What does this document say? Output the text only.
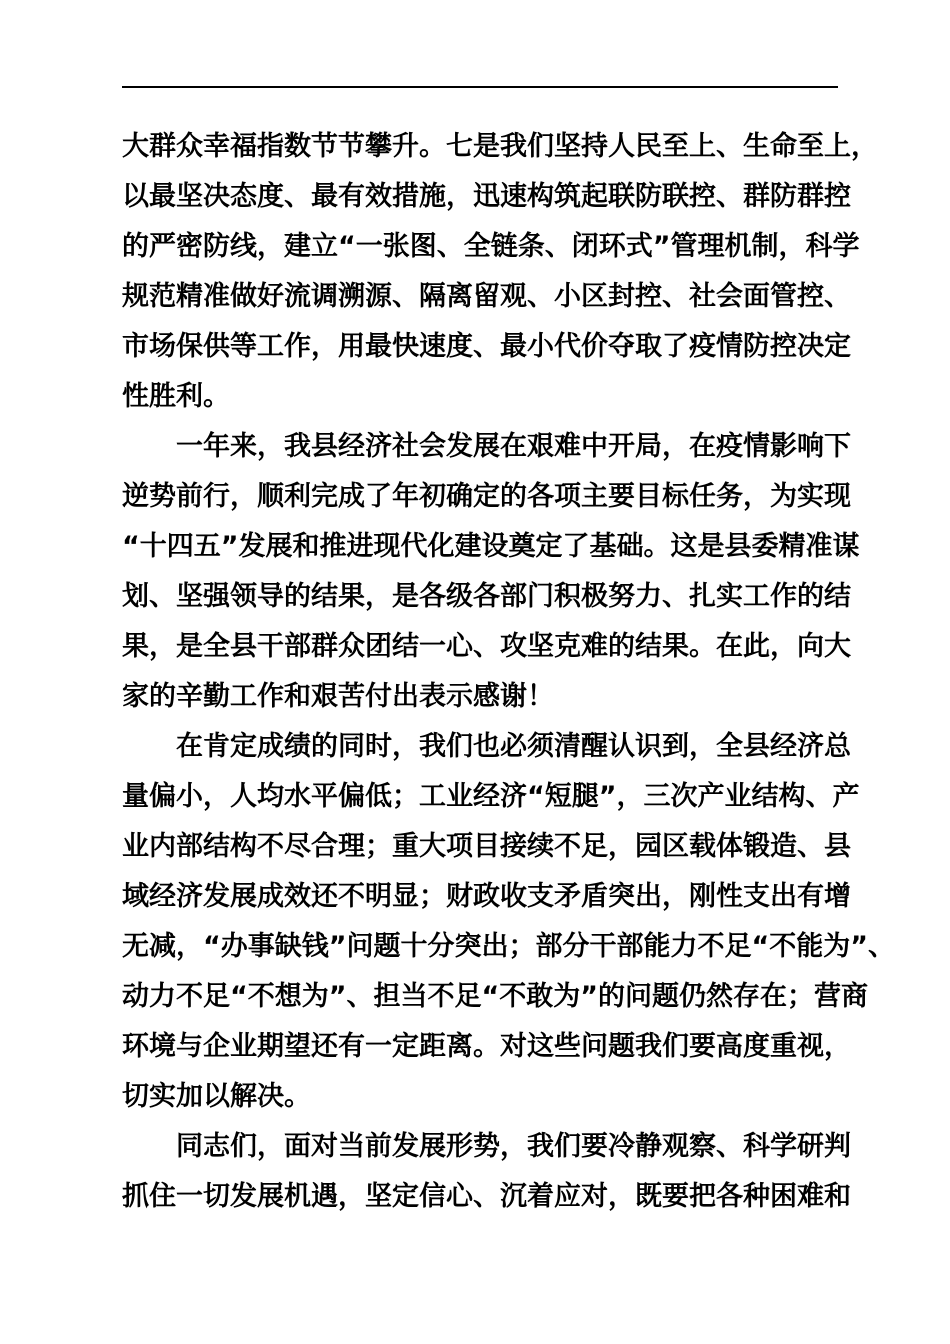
大群众幸福指数节节攀升。七是我们坚持人民至上、生命至上，
以最坚决态度、最有效措施，迅速构筑起联防联控、群防群控
的严密防线，建立“一张图、全链条、闭环式”管理机制，科学
规范精准做好流调溯源、隔离留观、小区封控、社会面管控、
市场保供等工作，用最快速度、最小代价夺取了疫情防控决定
性胜利。
一年来，我县经济社会发展在艰难中开局，在疫情影响下
逆势前行，顺利完成了年初确定的各项主要目标任务，为实现
“十四五”发展和推进现代化建设奠定了基础。这是县委精准谋
划、坚强领导的结果，是各级各部门积极努力、扎实工作的结
果，是全县干部群众团结一心、攻坚克难的结果。在此，向大
家的辛勤工作和艰苦付出表示感谢！
在肯定成绩的同时，我们也必须清醒认识到，全县经济总
量偏小，人均水平偏低；工业经济“短腿”，三次产业结构、产
业内部结构不尽合理；重大项目接续不足，园区载体锻造、县
域经济发展成效还不明显；财政收支矛盾突出，刚性支出有增
无减，“办事缺钱”问题十分突出；部分干部能力不足“不能为”、
动力不足“不想为”、担当不足“不敢为”的问题仍然存在；营商
环境与企业期望还有一定距离。对这些问题我们要高度重视，
切实加以解决。
同志们，面对当前发展形势，我们要冷静观察、科学研判
抓住一切发展机遇，坚定信心、沉着应对，既要把各种困难和
